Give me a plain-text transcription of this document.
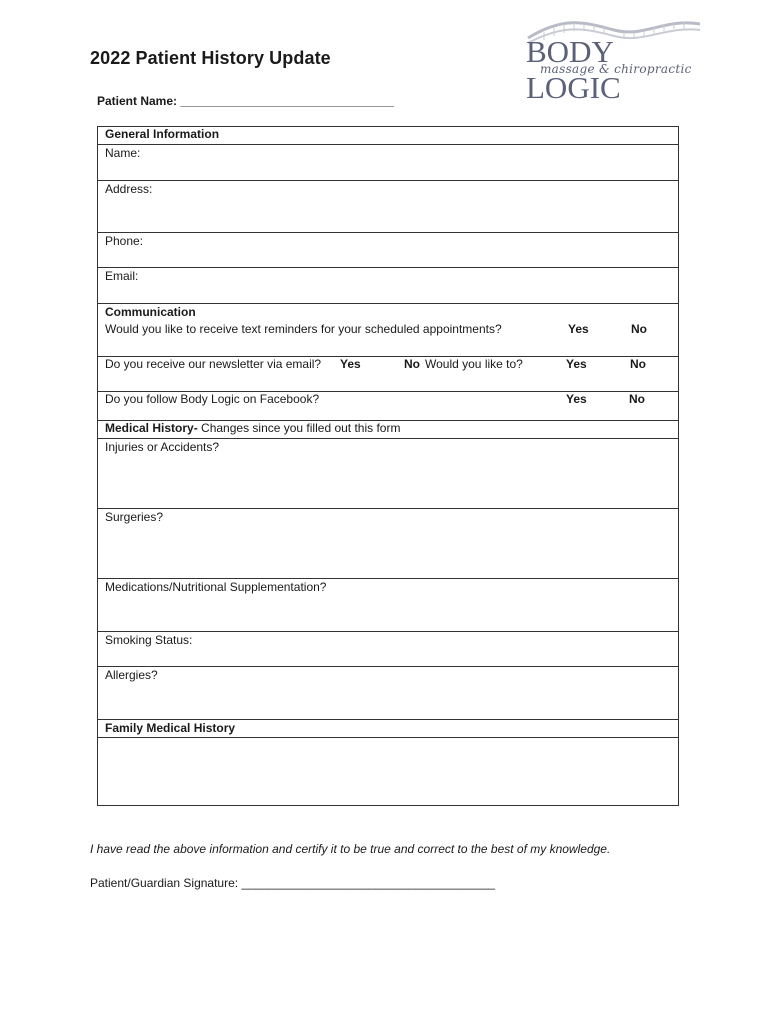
BODY LOGIC
massage & chiropractic
2022 Patient History Update
Patient Name: ________________________________
General Information
Name:
Address:
Phone:
Email:
Communication
Would you like to receive text reminders for your scheduled appointments?	Yes	No
Do you receive our newsletter via email? Yes	No Would you like to?	Yes	No
Do you follow Body Logic on Facebook?	Yes	No
Medical History- Changes since you filled out this form
Injuries or Accidents?
Surgeries?
Medications/Nutritional Supplementation?
Smoking Status:
Allergies?
Family Medical History
I have read the above information and certify it to be true and correct to the best of my knowledge.
Patient/Guardian Signature: ______________________________________
